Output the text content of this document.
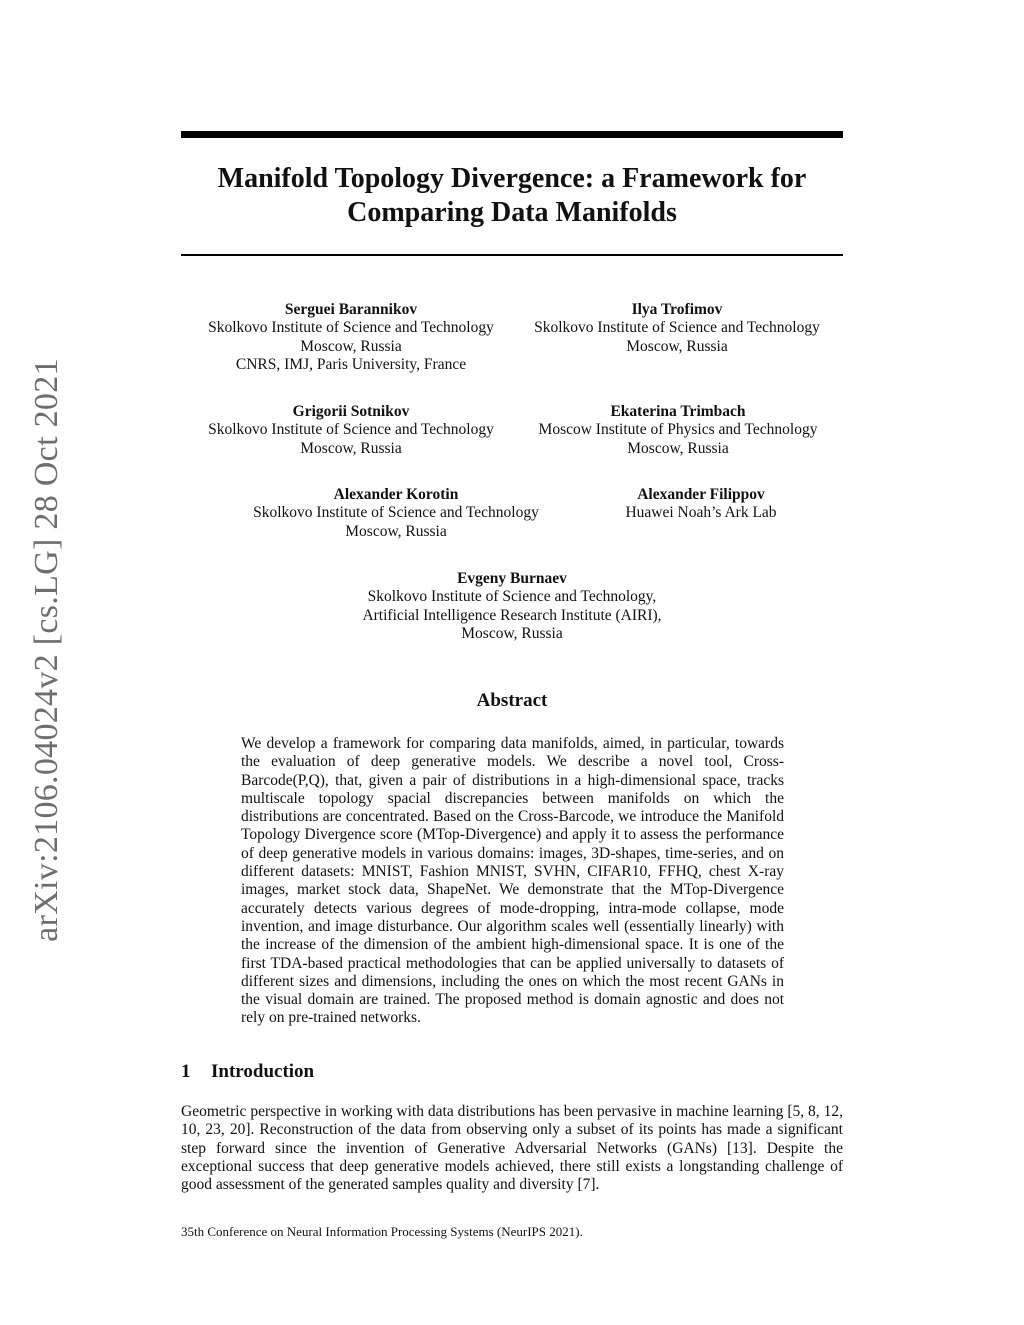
arXiv:2106.04024v2 [cs.LG] 28 Oct 2021
Manifold Topology Divergence: a Framework for
Comparing Data Manifolds
Serguei Barannikov
Skolkovo Institute of Science and Technology
Moscow, Russia
CNRS, IMJ, Paris University, France
Ilya Trofimov
Skolkovo Institute of Science and Technology
Moscow, Russia
Grigorii Sotnikov
Skolkovo Institute of Science and Technology
Moscow, Russia
Ekaterina Trimbach
Moscow Institute of Physics and Technology
Moscow, Russia
Alexander Korotin
Skolkovo Institute of Science and Technology
Moscow, Russia
Alexander Filippov
Huawei Noah’s Ark Lab
Evgeny Burnaev
Skolkovo Institute of Science and Technology,
Artificial Intelligence Research Institute (AIRI),
Moscow, Russia
Abstract
We develop a framework for comparing data manifolds, aimed, in particular, towards the evaluation of deep generative models. We describe a novel tool, Cross-Barcode(P,Q), that, given a pair of distributions in a high-dimensional space, tracks multiscale topology spacial discrepancies between manifolds on which the distributions are concentrated. Based on the Cross-Barcode, we introduce the Manifold Topology Divergence score (MTop-Divergence) and apply it to assess the performance of deep generative models in various domains: images, 3D-shapes, time-series, and on different datasets: MNIST, Fashion MNIST, SVHN, CIFAR10, FFHQ, chest X-ray images, market stock data, ShapeNet. We demonstrate that the MTop-Divergence accurately detects various degrees of mode-dropping, intra-mode collapse, mode invention, and image disturbance. Our algorithm scales well (essentially linearly) with the increase of the dimension of the ambient high-dimensional space. It is one of the first TDA-based practical methodologies that can be applied universally to datasets of different sizes and dimensions, including the ones on which the most recent GANs in the visual domain are trained. The proposed method is domain agnostic and does not rely on pre-trained networks.
1 Introduction
Geometric perspective in working with data distributions has been pervasive in machine learning [5, 8, 12, 10, 23, 20]. Reconstruction of the data from observing only a subset of its points has made a significant step forward since the invention of Generative Adversarial Networks (GANs) [13]. Despite the exceptional success that deep generative models achieved, there still exists a longstanding challenge of good assessment of the generated samples quality and diversity [7].
35th Conference on Neural Information Processing Systems (NeurIPS 2021).
